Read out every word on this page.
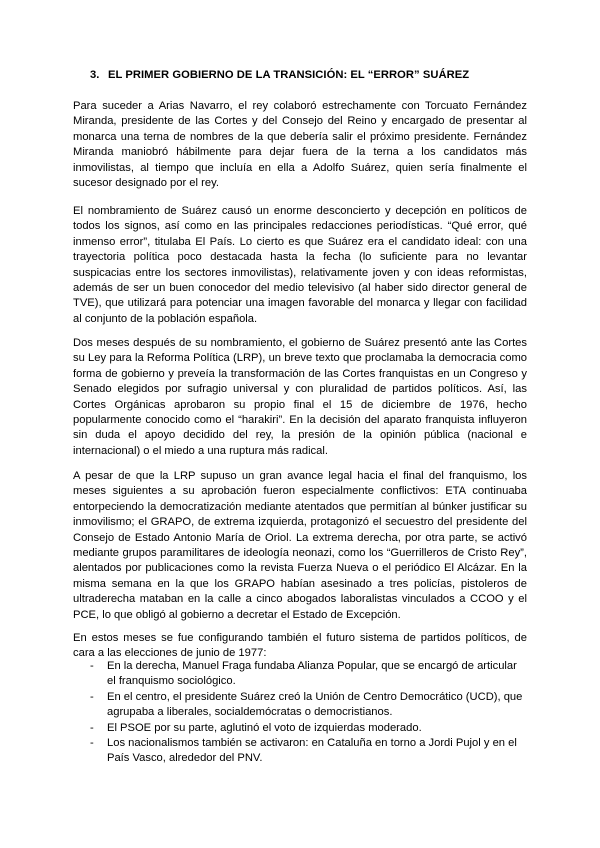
3. EL PRIMER GOBIERNO DE LA TRANSICIÓN: EL “ERROR” SUÁREZ

Para suceder a Arias Navarro, el rey colaboró estrechamente con Torcuato Fernández Miranda, presidente de las Cortes y del Consejo del Reino y encargado de presentar al monarca una terna de nombres de la que debería salir el próximo presidente. Fernández Miranda maniobró hábilmente para dejar fuera de la terna a los candidatos más inmovilistas, al tiempo que incluía en ella a Adolfo Suárez, quien sería finalmente el sucesor designado por el rey.

El nombramiento de Suárez causó un enorme desconcierto y decepción en políticos de todos los signos, así como en las principales redacciones periodísticas. “Qué error, qué inmenso error”, titulaba El País. Lo cierto es que Suárez era el candidato ideal: con una trayectoria política poco destacada hasta la fecha (lo suficiente para no levantar suspicacias entre los sectores inmovilistas), relativamente joven y con ideas reformistas, además de ser un buen conocedor del medio televisivo (al haber sido director general de TVE), que utilizará para potenciar una imagen favorable del monarca y llegar con facilidad al conjunto de la población española.

Dos meses después de su nombramiento, el gobierno de Suárez presentó ante las Cortes su Ley para la Reforma Política (LRP), un breve texto que proclamaba la democracia como forma de gobierno y preveía la transformación de las Cortes franquistas en un Congreso y Senado elegidos por sufragio universal y con pluralidad de partidos políticos. Así, las Cortes Orgánicas aprobaron su propio final el 15 de diciembre de 1976, hecho popularmente conocido como el “harakiri”. En la decisión del aparato franquista influyeron sin duda el apoyo decidido del rey, la presión de la opinión pública (nacional e internacional) o el miedo a una ruptura más radical.

A pesar de que la LRP supuso un gran avance legal hacia el final del franquismo, los meses siguientes a su aprobación fueron especialmente conflictivos: ETA continuaba entorpeciendo la democratización mediante atentados que permitían al búnker justificar su inmovilismo; el GRAPO, de extrema izquierda, protagonizó el secuestro del presidente del Consejo de Estado Antonio María de Oriol. La extrema derecha, por otra parte, se activó mediante grupos paramilitares de ideología neonazi, como los “Guerrilleros de Cristo Rey”, alentados por publicaciones como la revista Fuerza Nueva o el periódico El Alcázar. En la misma semana en la que los GRAPO habían asesinado a tres policías, pistoleros de ultraderecha mataban en la calle a cinco abogados laboralistas vinculados a CCOO y el PCE, lo que obligó al gobierno a decretar el Estado de Excepción.

En estos meses se fue configurando también el futuro sistema de partidos políticos, de cara a las elecciones de junio de 1977:

- En la derecha, Manuel Fraga fundaba Alianza Popular, que se encargó de articular el franquismo sociológico.
- En el centro, el presidente Suárez creó la Unión de Centro Democrático (UCD), que agrupaba a liberales, socialdemócratas o democristianos.
- El PSOE por su parte, aglutinó el voto de izquierdas moderado.
- Los nacionalismos también se activaron: en Cataluña en torno a Jordi Pujol y en el País Vasco, alrededor del PNV.
